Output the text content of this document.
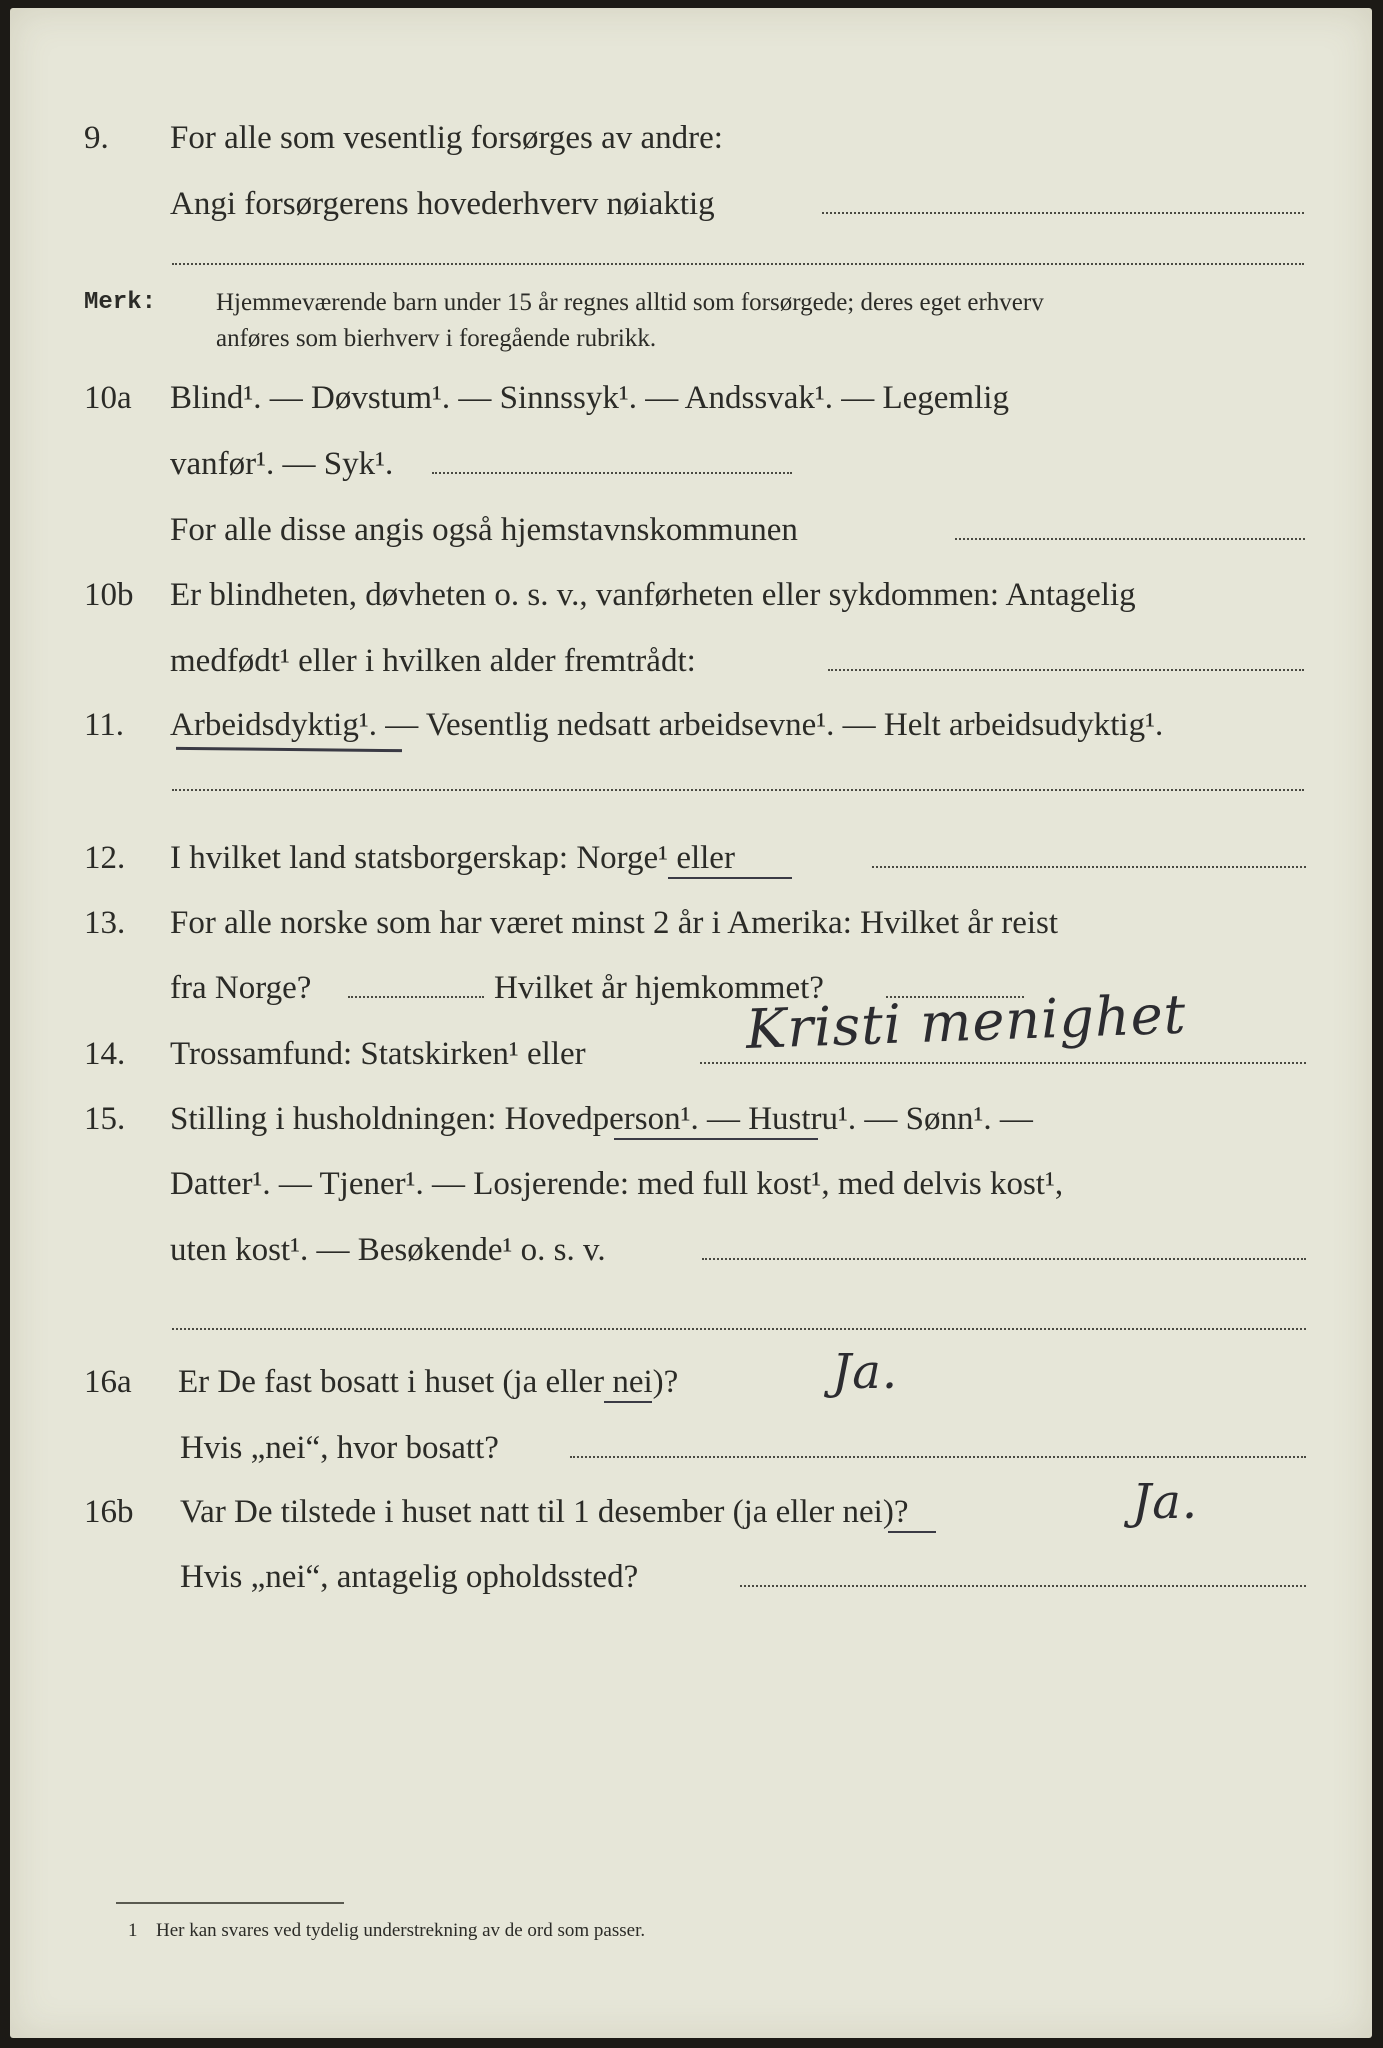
9. For alle som vesentlig forsørges av andre:
Angi forsørgerens hovederhverv nøiaktig
Merk: Hjemmeværende barn under 15 år regnes alltid som forsørgede; deres eget erhverv
anføres som bierhverv i foregående rubrikk.
10a Blind¹. — Døvstum¹. — Sinnssyk¹. — Andssvak¹. — Legemlig
vanfør¹. — Syk¹.
For alle disse angis også hjemstavnskommunen
10b Er blindheten, døvheten o. s. v., vanførheten eller sykdommen: Antagelig
medfødt¹ eller i hvilken alder fremtrådt:
11. Arbeidsdyktig¹. — Vesentlig nedsatt arbeidsevne¹. — Helt arbeidsudyktig¹.
12. I hvilket land statsborgerskap: Norge¹ eller
13. For alle norske som har været minst 2 år i Amerika: Hvilket år reist
fra Norge?	Hvilket år hjemkommet?
14. Trossamfund: Statskirken¹ eller	Kristi menighet
15. Stilling i husholdningen: Hovedperson¹. — Hustru¹. — Sønn¹. —
Datter¹. — Tjener¹. — Losjerende: med full kost¹, med delvis kost¹,
uten kost¹. — Besøkende¹ o. s. v.
16a Er De fast bosatt i huset (ja eller nei)?	Ja.
Hvis „nei“, hvor bosatt?
16b Var De tilstede i huset natt til 1 desember (ja eller nei)?	Ja.
Hvis „nei“, antagelig opholdssted?
1 Her kan svares ved tydelig understrekning av de ord som passer.
